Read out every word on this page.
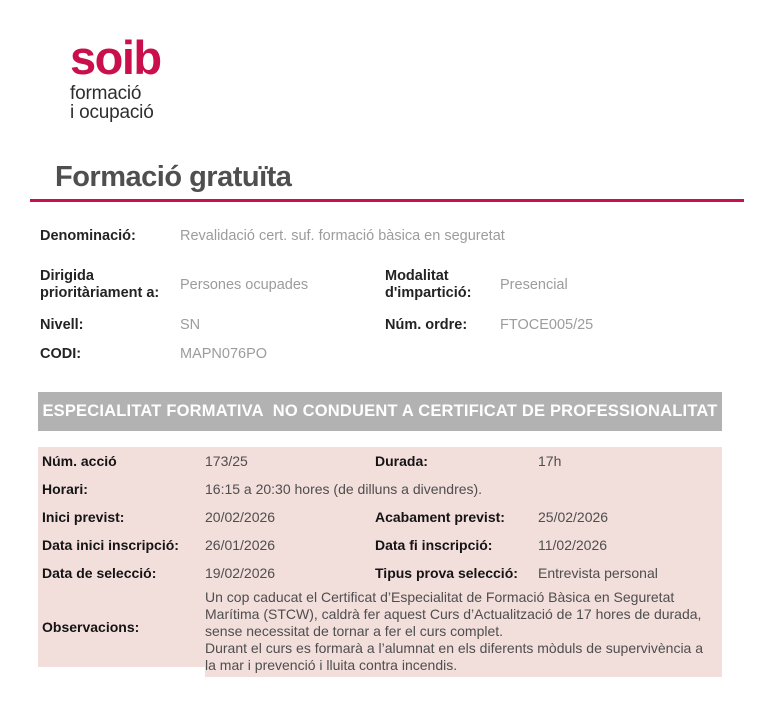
soib
formació
i ocupació
Formació gratuïta
Denominació:	Revalidació cert. suf. formació bàsica en seguretat
Dirigida prioritàriament a:
Persones ocupades
Modalitat d'impartició:
Presencial
Nivell:	SN	Núm. ordre:	FTOCE005/25
CODI:	MAPN076PO
ESPECIALITAT FORMATIVA  NO CONDUENT A CERTIFICAT DE PROFESSIONALITAT
Núm. acció	173/25	Durada:	17h
Horari:	16:15 a 20:30 hores (de dilluns a divendres).
Inici previst:	20/02/2026	Acabament previst:	25/02/2026
Data inici inscripció:	26/01/2026	Data fi inscripció:	11/02/2026
Data de selecció:	19/02/2026	Tipus prova selecció:	Entrevista personal
Observacions:

Un cop caducat el Certificat d’Especialitat de Formació Bàsica en Seguretat Marítima (STCW), caldrà fer aquest Curs d’Actualització de 17 hores de durada, sense necessitat de tornar a fer el curs complet.

Durant el curs es formarà a l’alumnat en els diferents mòduls de supervivència a la mar i prevenció i lluita contra incendis.
